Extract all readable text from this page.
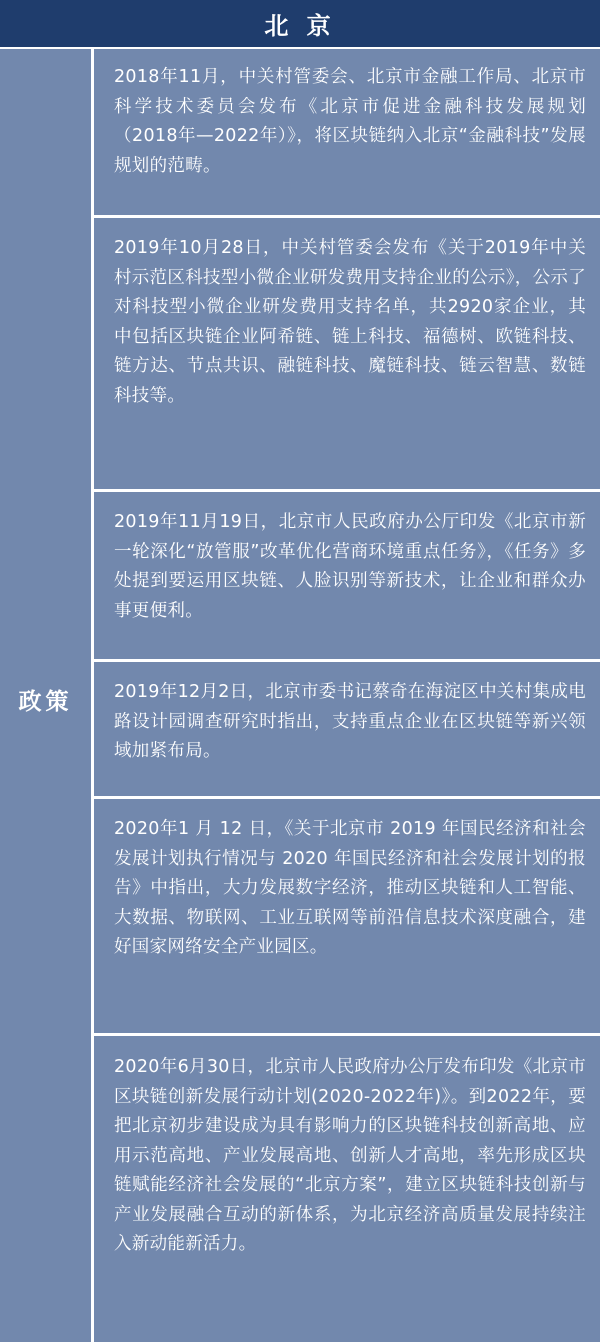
北 京
政策

2018年11月，中关村管委会、北京市金融工作局、北京市科学技术委员会发布《北京市促进金融科技发展规划（2018年—2022年）》，将区块链纳入北京“金融科技”发展规划的范畴。

2019年10月28日，中关村管委会发布《关于2019年中关村示范区科技型小微企业研发费用支持企业的公示》，公示了对科技型小微企业研发费用支持名单，共2920家企业，其中包括区块链企业阿希链、链上科技、福德树、欧链科技、链方达、节点共识、融链科技、魔链科技、链云智慧、数链科技等。

2019年11月19日，北京市人民政府办公厅印发《北京市新一轮深化“放管服”改革优化营商环境重点任务》，《任务》多处提到要运用区块链、人脸识别等新技术，让企业和群众办事更便利。

2019年12月2日，北京市委书记蔡奇在海淀区中关村集成电路设计园调查研究时指出，支持重点企业在区块链等新兴领域加紧布局。

2020年1 月 12 日，《关于北京市 2019 年国民经济和社会发展计划执行情况与 2020 年国民经济和社会发展计划的报告》中指出，大力发展数字经济，推动区块链和人工智能、大数据、物联网、工业互联网等前沿信息技术深度融合，建好国家网络安全产业园区。

2020年6月30日，北京市人民政府办公厅发布印发《北京市区块链创新发展行动计划(2020-2022年)》。到2022年，要把北京初步建设成为具有影响力的区块链科技创新高地、应用示范高地、产业发展高地、创新人才高地，率先形成区块链赋能经济社会发展的“北京方案”，建立区块链科技创新与产业发展融合互动的新体系，为北京经济高质量发展持续注入新动能新活力。
